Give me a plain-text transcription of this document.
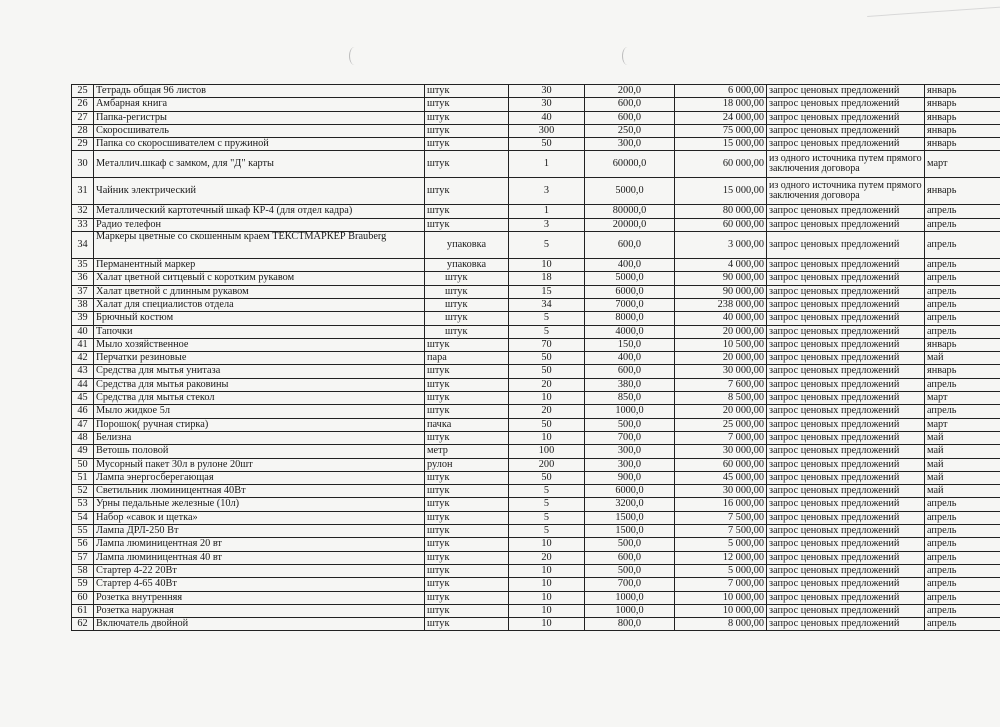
25	Тетрадь общая 96 листов	штук	30	200,0	6 000,00	запрос ценовых предложений	январь
26	Амбарная книга	штук	30	600,0	18 000,00	запрос ценовых предложений	январь
27	Папка-регистры	штук	40	600,0	24 000,00	запрос ценовых предложений	январь
28	Скоросшиватель	штук	300	250,0	75 000,00	запрос ценовых предложений	январь
29	Папка со скоросшивателем с пружиной	штук	50	300,0	15 000,00	запрос ценовых предложений	январь
30	Металлич.шкаф с замком, для "Д" карты	штук	1	60000,0	60 000,00	из одного источника путем прямого заключения договора	март
31	Чайник электрический	штук	3	5000,0	15 000,00	из одного источника путем прямого заключения договора	январь
32	Металлический картотечный шкаф КР-4 (для отдел кадра)	штук	1	80000,0	80 000,00	запрос ценовых предложений	апрель
33	Радио телефон	штук	3	20000,0	60 000,00	запрос ценовых предложений	апрель
34	Маркеры цветные со скошенным краем ТЕКСТМАРКЕР Brauberg	упаковка	5	600,0	3 000,00	запрос ценовых предложений	апрель
35	Перманентный маркер	упаковка	10	400,0	4 000,00	запрос ценовых предложений	апрель
36	Халат цветной ситцевый с коротким рукавом	штук	18	5000,0	90 000,00	запрос ценовых предложений	апрель
37	Халат цветной с длинным рукавом	штук	15	6000,0	90 000,00	запрос ценовых предложений	апрель
38	Халат для специалистов отдела	штук	34	7000,0	238 000,00	запрос ценовых предложений	апрель
39	Брючный костюм	штук	5	8000,0	40 000,00	запрос ценовых предложений	апрель
40	Тапочки	штук	5	4000,0	20 000,00	запрос ценовых предложений	апрель
41	Мыло хозяйственное	штук	70	150,0	10 500,00	запрос ценовых предложений	январь
42	Перчатки резиновые	пара	50	400,0	20 000,00	запрос ценовых предложений	май
43	Средства для мытья унитаза	штук	50	600,0	30 000,00	запрос ценовых предложений	январь
44	Средства для мытья раковины	штук	20	380,0	7 600,00	запрос ценовых предложений	апрель
45	Средства для мытья стекол	штук	10	850,0	8 500,00	запрос ценовых предложений	март
46	Мыло жидкое 5л	штук	20	1000,0	20 000,00	запрос ценовых предложений	апрель
47	Порошок( ручная стирка)	пачка	50	500,0	25 000,00	запрос ценовых предложений	март
48	Белизна	штук	10	700,0	7 000,00	запрос ценовых предложений	май
49	Ветошь половой	метр	100	300,0	30 000,00	запрос ценовых предложений	май
50	Мусорный пакет 30л в рулоне 20шт	рулон	200	300,0	60 000,00	запрос ценовых предложений	май
51	Лампа энергосберегающая	штук	50	900,0	45 000,00	запрос ценовых предложений	май
52	Светильник люминицентная 40Вт	штук	5	6000,0	30 000,00	запрос ценовых предложений	май
53	Урны педальные железные (10л)	штук	5	3200,0	16 000,00	запрос ценовых предложений	апрель
54	Набор «савок и щетка»	штук	5	1500,0	7 500,00	запрос ценовых предложений	апрель
55	Лампа ДРЛ-250 Вт	штук	5	1500,0	7 500,00	запрос ценовых предложений	апрель
56	Лампа люминицентная 20 вт	штук	10	500,0	5 000,00	запрос ценовых предложений	апрель
57	Лампа люминицентная 40 вт	штук	20	600,0	12 000,00	запрос ценовых предложений	апрель
58	Стартер 4-22 20Вт	штук	10	500,0	5 000,00	запрос ценовых предложений	апрель
59	Стартер 4-65 40Вт	штук	10	700,0	7 000,00	запрос ценовых предложений	апрель
60	Розетка внутренняя	штук	10	1000,0	10 000,00	запрос ценовых предложений	апрель
61	Розетка наружная	штук	10	1000,0	10 000,00	запрос ценовых предложений	апрель
62	Включатель двойной	штук	10	800,0	8 000,00	запрос ценовых предложений	апрель
